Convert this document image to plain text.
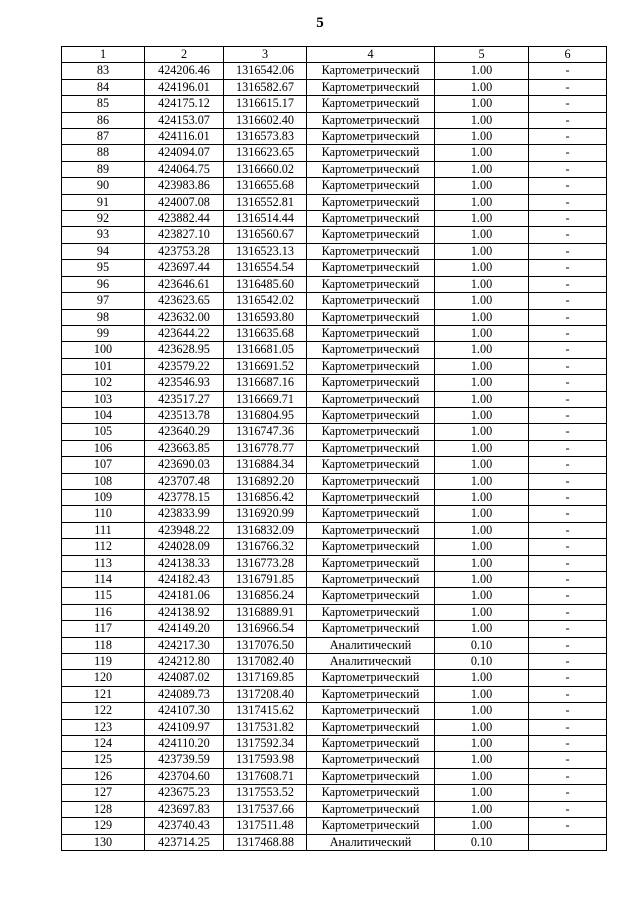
5
1	2	3	4	5	6
83	424206.46	1316542.06	Картометрический	1.00	-
84	424196.01	1316582.67	Картометрический	1.00	-
85	424175.12	1316615.17	Картометрический	1.00	-
86	424153.07	1316602.40	Картометрический	1.00	-
87	424116.01	1316573.83	Картометрический	1.00	-
88	424094.07	1316623.65	Картометрический	1.00	-
89	424064.75	1316660.02	Картометрический	1.00	-
90	423983.86	1316655.68	Картометрический	1.00	-
91	424007.08	1316552.81	Картометрический	1.00	-
92	423882.44	1316514.44	Картометрический	1.00	-
93	423827.10	1316560.67	Картометрический	1.00	-
94	423753.28	1316523.13	Картометрический	1.00	-
95	423697.44	1316554.54	Картометрический	1.00	-
96	423646.61	1316485.60	Картометрический	1.00	-
97	423623.65	1316542.02	Картометрический	1.00	-
98	423632.00	1316593.80	Картометрический	1.00	-
99	423644.22	1316635.68	Картометрический	1.00	-
100	423628.95	1316681.05	Картометрический	1.00	-
101	423579.22	1316691.52	Картометрический	1.00	-
102	423546.93	1316687.16	Картометрический	1.00	-
103	423517.27	1316669.71	Картометрический	1.00	-
104	423513.78	1316804.95	Картометрический	1.00	-
105	423640.29	1316747.36	Картометрический	1.00	-
106	423663.85	1316778.77	Картометрический	1.00	-
107	423690.03	1316884.34	Картометрический	1.00	-
108	423707.48	1316892.20	Картометрический	1.00	-
109	423778.15	1316856.42	Картометрический	1.00	-
110	423833.99	1316920.99	Картометрический	1.00	-
111	423948.22	1316832.09	Картометрический	1.00	-
112	424028.09	1316766.32	Картометрический	1.00	-
113	424138.33	1316773.28	Картометрический	1.00	-
114	424182.43	1316791.85	Картометрический	1.00	-
115	424181.06	1316856.24	Картометрический	1.00	-
116	424138.92	1316889.91	Картометрический	1.00	-
117	424149.20	1316966.54	Картометрический	1.00	-
118	424217.30	1317076.50	Аналитический	0.10	-
119	424212.80	1317082.40	Аналитический	0.10	-
120	424087.02	1317169.85	Картометрический	1.00	-
121	424089.73	1317208.40	Картометрический	1.00	-
122	424107.30	1317415.62	Картометрический	1.00	-
123	424109.97	1317531.82	Картометрический	1.00	-
124	424110.20	1317592.34	Картометрический	1.00	-
125	423739.59	1317593.98	Картометрический	1.00	-
126	423704.60	1317608.71	Картометрический	1.00	-
127	423675.23	1317553.52	Картометрический	1.00	-
128	423697.83	1317537.66	Картометрический	1.00	-
129	423740.43	1317511.48	Картометрический	1.00	-
130	423714.25	1317468.88	Аналитический	0.10	
